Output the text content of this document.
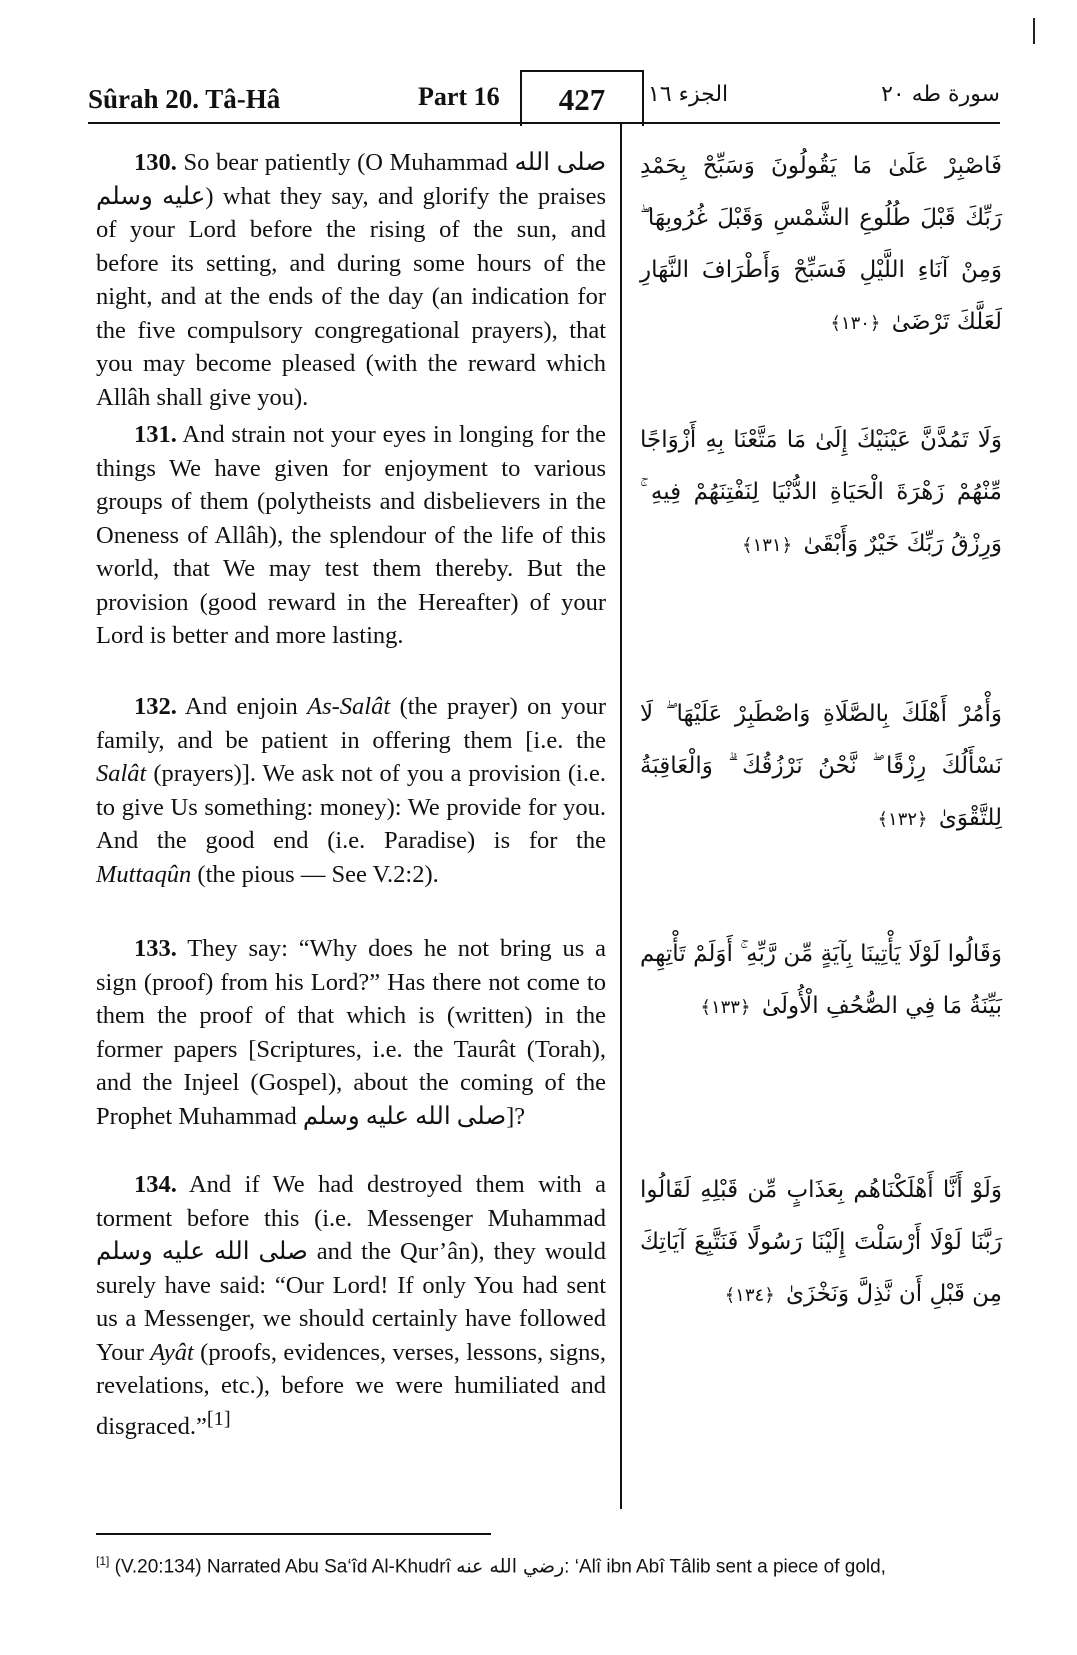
Sûrah 20. Tâ-Hâ	Part 16	427	الجزء ١٦	سورة طه ٢٠

130. So bear patiently (O Muhammad صلى الله عليه وسلم) what they say, and glorify the praises of your Lord before the rising of the sun, and before its setting, and during some hours of the night, and at the ends of the day (an indication for the five compulsory congregational prayers), that you may become pleased (with the reward which Allâh shall give you).

فَاصْبِرْ عَلَىٰ مَا يَقُولُونَ وَسَبِّحْ بِحَمْدِ رَبِّكَ قَبْلَ طُلُوعِ الشَّمْسِ وَقَبْلَ غُرُوبِهَا ۖ وَمِنْ آنَاءِ اللَّيْلِ فَسَبِّحْ وَأَطْرَافَ النَّهَارِ لَعَلَّكَ تَرْضَىٰ ﴿١٣٠﴾

131. And strain not your eyes in longing for the things We have given for enjoyment to various groups of them (polytheists and disbelievers in the Oneness of Allâh), the splendour of the life of this world, that We may test them thereby. But the provision (good reward in the Hereafter) of your Lord is better and more lasting.

وَلَا تَمُدَّنَّ عَيْنَيْكَ إِلَىٰ مَا مَتَّعْنَا بِهِ أَزْوَاجًا مِّنْهُمْ زَهْرَةَ الْحَيَاةِ الدُّنْيَا لِنَفْتِنَهُمْ فِيهِ ۚ وَرِزْقُ رَبِّكَ خَيْرٌ وَأَبْقَىٰ ﴿١٣١﴾

132. And enjoin As-Salât (the prayer) on your family, and be patient in offering them [i.e. the Salât (prayers)]. We ask not of you a provision (i.e. to give Us something: money): We provide for you. And the good end (i.e. Paradise) is for the Muttaqûn (the pious — See V.2:2).

وَأْمُرْ أَهْلَكَ بِالصَّلَاةِ وَاصْطَبِرْ عَلَيْهَا ۖ لَا نَسْأَلُكَ رِزْقًا ۖ نَّحْنُ نَرْزُقُكَ ۗ وَالْعَاقِبَةُ لِلتَّقْوَىٰ ﴿١٣٢﴾

133. They say: “Why does he not bring us a sign (proof) from his Lord?” Has there not come to them the proof of that which is (written) in the former papers [Scriptures, i.e. the Taurât (Torah), and the Injeel (Gospel), about the coming of the Prophet Muhammad صلى الله عليه وسلم]?

وَقَالُوا لَوْلَا يَأْتِينَا بِآيَةٍ مِّن رَّبِّهِ ۚ أَوَلَمْ تَأْتِهِم بَيِّنَةُ مَا فِي الصُّحُفِ الْأُولَىٰ ﴿١٣٣﴾

134. And if We had destroyed them with a torment before this (i.e. Messenger Muhammad صلى الله عليه وسلم and the Qur’ân), they would surely have said: “Our Lord! If only You had sent us a Messenger, we should certainly have followed Your Ayât (proofs, evidences, verses, lessons, signs, revelations, etc.), before we were humiliated and disgraced.”[1]

وَلَوْ أَنَّا أَهْلَكْنَاهُم بِعَذَابٍ مِّن قَبْلِهِ لَقَالُوا رَبَّنَا لَوْلَا أَرْسَلْتَ إِلَيْنَا رَسُولًا فَنَتَّبِعَ آيَاتِكَ مِن قَبْلِ أَن نَّذِلَّ وَنَخْزَىٰ ﴿١٣٤﴾
[1] (V.20:134) Narrated Abu Sa‘îd Al-Khudrî رضي الله عنه: ‘Alî ibn Abî Tâlib sent a piece of gold,
